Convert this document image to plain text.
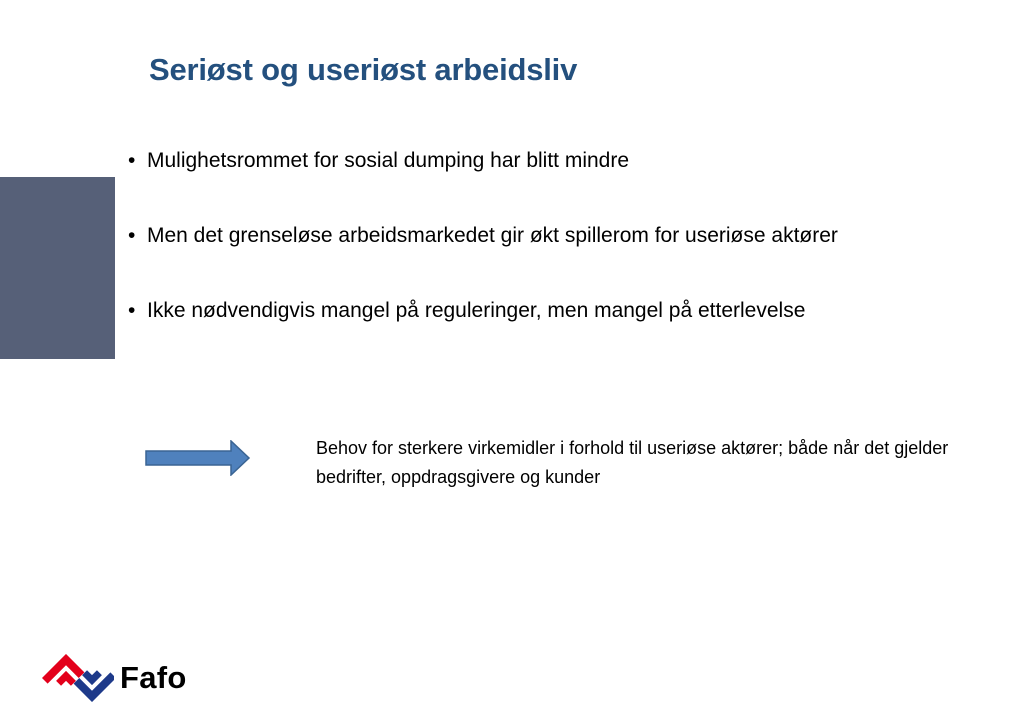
Seriøst og useriøst arbeidsliv
• Mulighetsrommet for sosial dumping har blitt mindre
• Men det grenseløse arbeidsmarkedet gir økt spillerom for useriøse aktører
• Ikke nødvendigvis mangel på reguleringer, men mangel på etterlevelse

Behov for sterkere virkemidler i forhold til useriøse aktører; både når det gjelder bedrifter, oppdragsgivere og kunder

Fafo
